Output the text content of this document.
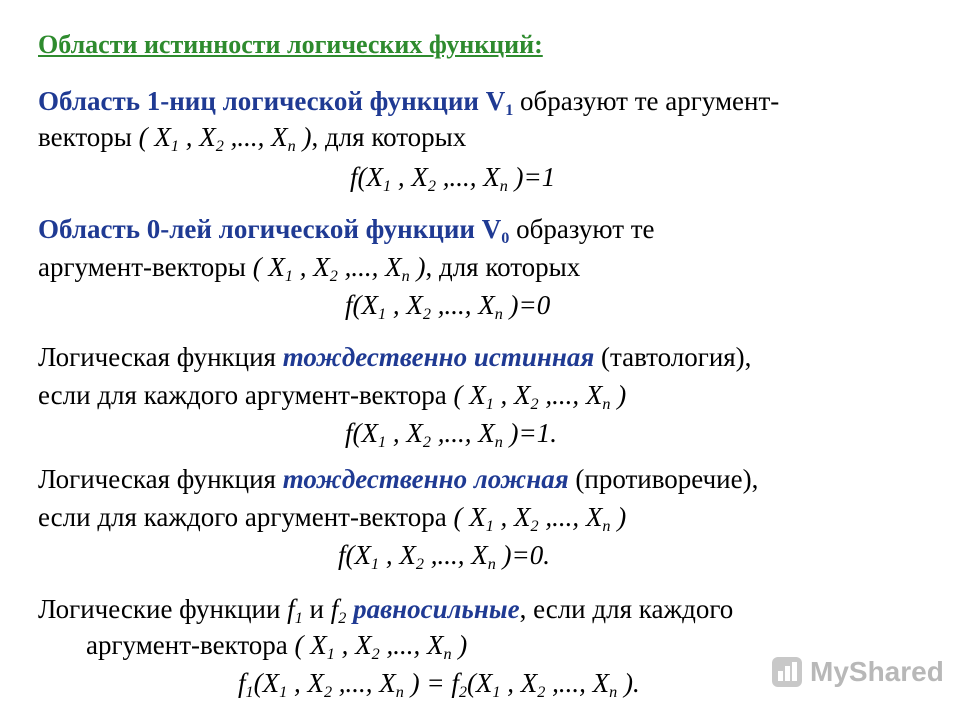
Области истинности логических функций:
Область 1-ниц логической функции $V_1$ образуют те аргумент-
векторы ( $X_1$ , $X_2$ ,..., $X_n$ ), для которых
$f(X_1$ , $X_2$ ,..., $X_n$ )=1
Область 0-лей логической функции $V_0$ образуют те
аргумент-векторы ( $X_1$ , $X_2$ ,..., $X_n$ ), для которых
$f(X_1$ , $X_2$ ,..., $X_n$ )=0
Логическая функция тождественно истинная (тавтология),
если для каждого аргумент-вектора ( $X_1$ , $X_2$ ,..., $X_n$ )
$f(X_1$ , $X_2$ ,..., $X_n$ )=1.
Логическая функция тождественно ложная (противоречие),
если для каждого аргумент-вектора ( $X_1$ , $X_2$ ,..., $X_n$ )
$f(X_1$ , $X_2$ ,..., $X_n$ )=0.
Логические функции $f_1$ и $f_2$ равносильные, если для каждого
аргумент-вектора ( $X_1$ , $X_2$ ,..., $X_n$ )
$f_1(X_1$ , $X_2$ ,..., $X_n$ ) = $f_2(X_1$ , $X_2$ ,..., $X_n$ ).	MyShared
